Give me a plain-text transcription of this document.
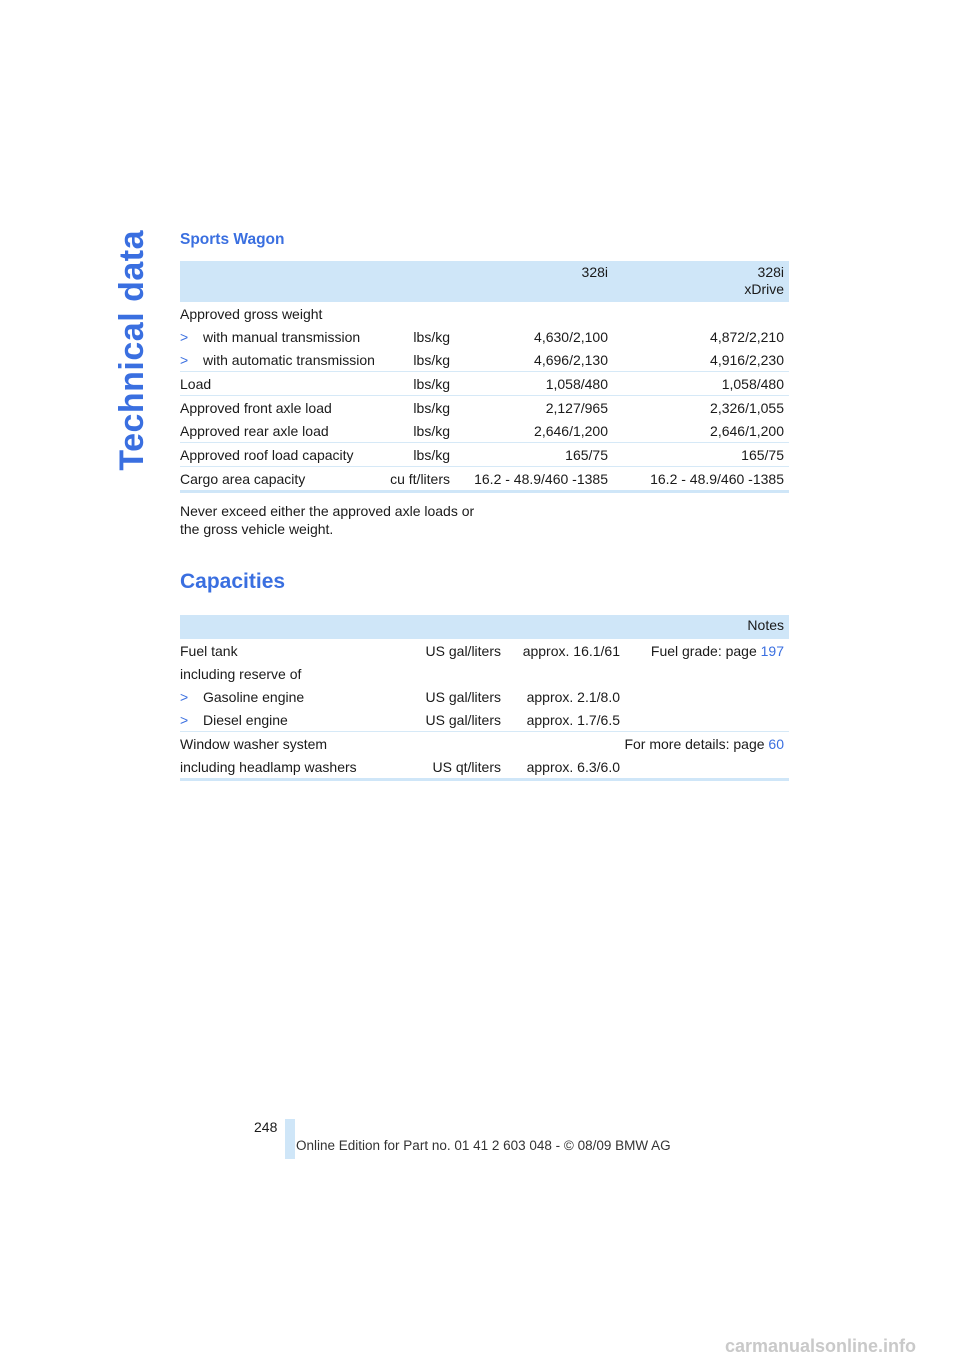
Technical data Sports Wagon
		328i	328i
xDrive
Approved gross weight			
> with manual transmission	lbs/kg	4,630/2,100	4,872/2,210
> with automatic transmission	lbs/kg	4,696/2,130	4,916/2,230
Load	lbs/kg	1,058/480	1,058/480
Approved front axle load	lbs/kg	2,127/965	2,326/1,055
Approved rear axle load	lbs/kg	2,646/1,200	2,646/1,200
Approved roof load capacity	lbs/kg	165/75	165/75
Cargo area capacity	cu ft/liters	16.2 - 48.9/460 -1385	16.2 - 48.9/460 -1385
Never exceed either the approved axle loads or the gross vehicle weight.
Capacities
			Notes
Fuel tank	US gal/liters	approx. 16.1/61	Fuel grade: page 197
including reserve of			
> Gasoline engine	US gal/liters	approx. 2.1/8.0	
> Diesel engine	US gal/liters	approx. 1.7/6.5	
Window washer system			For more details: page 60
including headlamp washers	US qt/liters	approx. 6.3/6.0	
248
Online Edition for Part no. 01 41 2 603 048 - © 08/09 BMW AG
carmanualsonline.info
